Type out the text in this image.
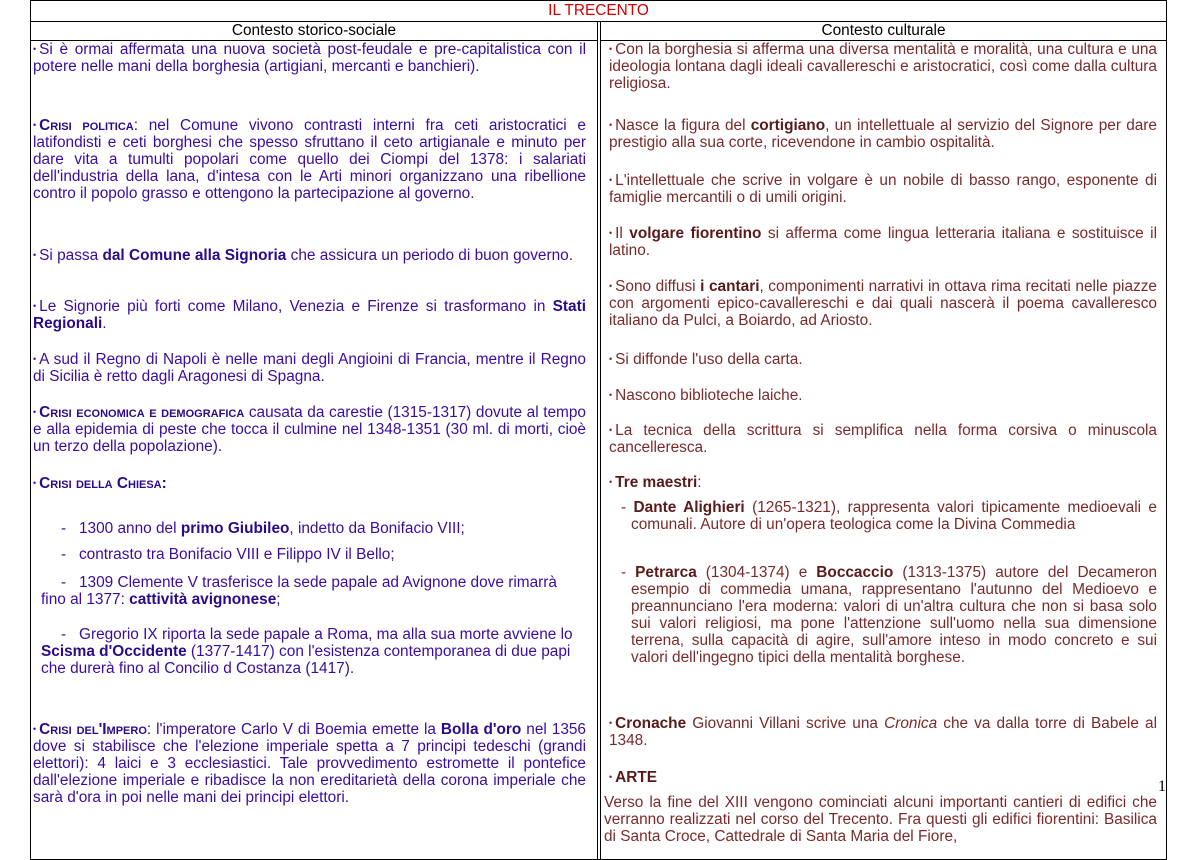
IL TRECENTO
Contesto storico-sociale	Contesto culturale

• Si è ormai affermata una nuova società post-feudale e pre-capitalistica con il potere nelle mani della borghesia (artigiani, mercanti e banchieri).

• Crisi politica: nel Comune vivono contrasti interni fra ceti aristocratici e latifondisti e ceti borghesi che spesso sfruttano il ceto artigianale e minuto per dare vita a tumulti popolari come quello dei Ciompi del 1378: i salariati dell'industria della lana, d'intesa con le Arti minori organizzano una ribellione contro il popolo grasso e ottengono la partecipazione al governo.

• Si passa dal Comune alla Signoria che assicura un periodo di buon governo.

• Le Signorie più forti come Milano, Venezia e Firenze si trasformano in Stati Regionali.

• A sud il Regno di Napoli è nelle mani degli Angioini di Francia, mentre il Regno di Sicilia è retto dagli Aragonesi di Spagna.

• Crisi economica e demografica causata da carestie (1315-1317) dovute al tempo e alla epidemia di peste che tocca il culmine nel 1348-1351 (30 ml. di morti, cioè un terzo della popolazione).

• Crisi della Chiesa:

- 1300 anno del primo Giubileo, indetto da Bonifacio VIII;

- contrasto tra Bonifacio VIII e Filippo IV il Bello;

- 1309 Clemente V trasferisce la sede papale ad Avignone dove rimarrà fino al 1377: cattività avignonese;

- Gregorio IX riporta la sede papale a Roma, ma alla sua morte avviene lo Scisma d'Occidente (1377-1417) con l'esistenza contemporanea di due papi che durerà fino al Concilio d Costanza (1417).

• Crisi del'Impero: l'imperatore Carlo V di Boemia emette la Bolla d'oro nel 1356 dove si stabilisce che l'elezione imperiale spetta a 7 principi tedeschi (grandi elettori): 4 laici e 3 ecclesiastici. Tale provvedimento estromette il pontefice dall'elezione imperiale e ribadisce la non ereditarietà della corona imperiale che sarà d'ora in poi nelle mani dei principi elettori.

• Con la borghesia si afferma una diversa mentalità e moralità, una cultura e una ideologia lontana dagli ideali cavallereschi e aristocratici, così come dalla cultura religiosa.

• Nasce la figura del cortigiano, un intellettuale al servizio del Signore per dare prestigio alla sua corte, ricevendone in cambio ospitalità.

• L'intellettuale che scrive in volgare è un nobile di basso rango, esponente di famiglie mercantili o di umili origini.

• Il volgare fiorentino si afferma come lingua letteraria italiana e sostituisce il latino.

• Sono diffusi i cantari, componimenti narrativi in ottava rima recitati nelle piazze con argomenti epico-cavallereschi e dai quali nascerà il poema cavalleresco italiano da Pulci, a Boiardo, ad Ariosto.

• Si diffonde l'uso della carta.

• Nascono biblioteche laiche.

• La tecnica della scrittura si semplifica nella forma corsiva o minuscola cancelleresca.

• Tre maestri:

- Dante Alighieri (1265-1321), rappresenta valori tipicamente medioevali e comunali. Autore di un'opera teologica come la Divina Commedia

- Petrarca (1304-1374) e Boccaccio (1313-1375) autore del Decameron esempio di commedia umana, rappresentano l'autunno del Medioevo e preannunciano l'era moderna: valori di un'altra cultura che non si basa solo sui valori religiosi, ma pone l'attenzione sull'uomo nella sua dimensione terrena, sulla capacità di agire, sull'amore inteso in modo concreto e sui valori dell'ingegno tipici della mentalità borghese.

• Cronache Giovanni Villani scrive una Cronica che va dalla torre di Babele al 1348.

• ARTE

Verso la fine del XIII vengono cominciati alcuni importanti cantieri di edifici che verranno realizzati nel corso del Trecento. Fra questi gli edifici fiorentini: Basilica di Santa Croce, Cattedrale di Santa Maria del Fiore,

1
